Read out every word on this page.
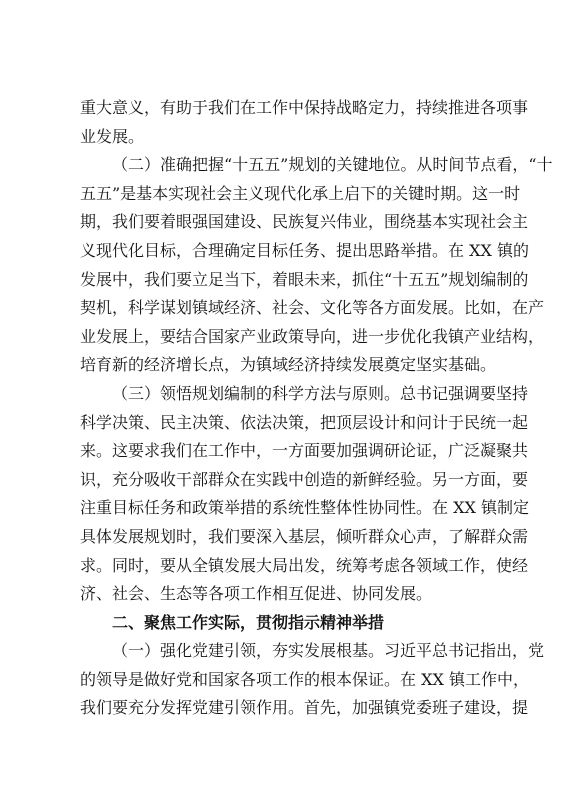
重大意义，有助于我们在工作中保持战略定力，持续推进各项事
业发展。
（二）准确把握“十五五”规划的关键地位。从时间节点看，“十
五五”是基本实现社会主义现代化承上启下的关键时期。这一时
期，我们要着眼强国建设、民族复兴伟业，围绕基本实现社会主
义现代化目标，合理确定目标任务、提出思路举措。在 XX 镇的
发展中，我们要立足当下，着眼未来，抓住“十五五”规划编制的
契机，科学谋划镇域经济、社会、文化等各方面发展。比如，在产
业发展上，要结合国家产业政策导向，进一步优化我镇产业结构，
培育新的经济增长点，为镇域经济持续发展奠定坚实基础。
（三）领悟规划编制的科学方法与原则。总书记强调要坚持
科学决策、民主决策、依法决策，把顶层设计和问计于民统一起
来。这要求我们在工作中，一方面要加强调研论证，广泛凝聚共
识，充分吸收干部群众在实践中创造的新鲜经验。另一方面，要
注重目标任务和政策举措的系统性整体性协同性。在 XX 镇制定
具体发展规划时，我们要深入基层，倾听群众心声，了解群众需
求。同时，要从全镇发展大局出发，统筹考虑各领域工作，使经
济、社会、生态等各项工作相互促进、协同发展。
二、聚焦工作实际，贯彻指示精神举措
（一）强化党建引领，夯实发展根基。习近平总书记指出，党
的领导是做好党和国家各项工作的根本保证。在 XX 镇工作中，
我们要充分发挥党建引领作用。首先，加强镇党委班子建设，提
